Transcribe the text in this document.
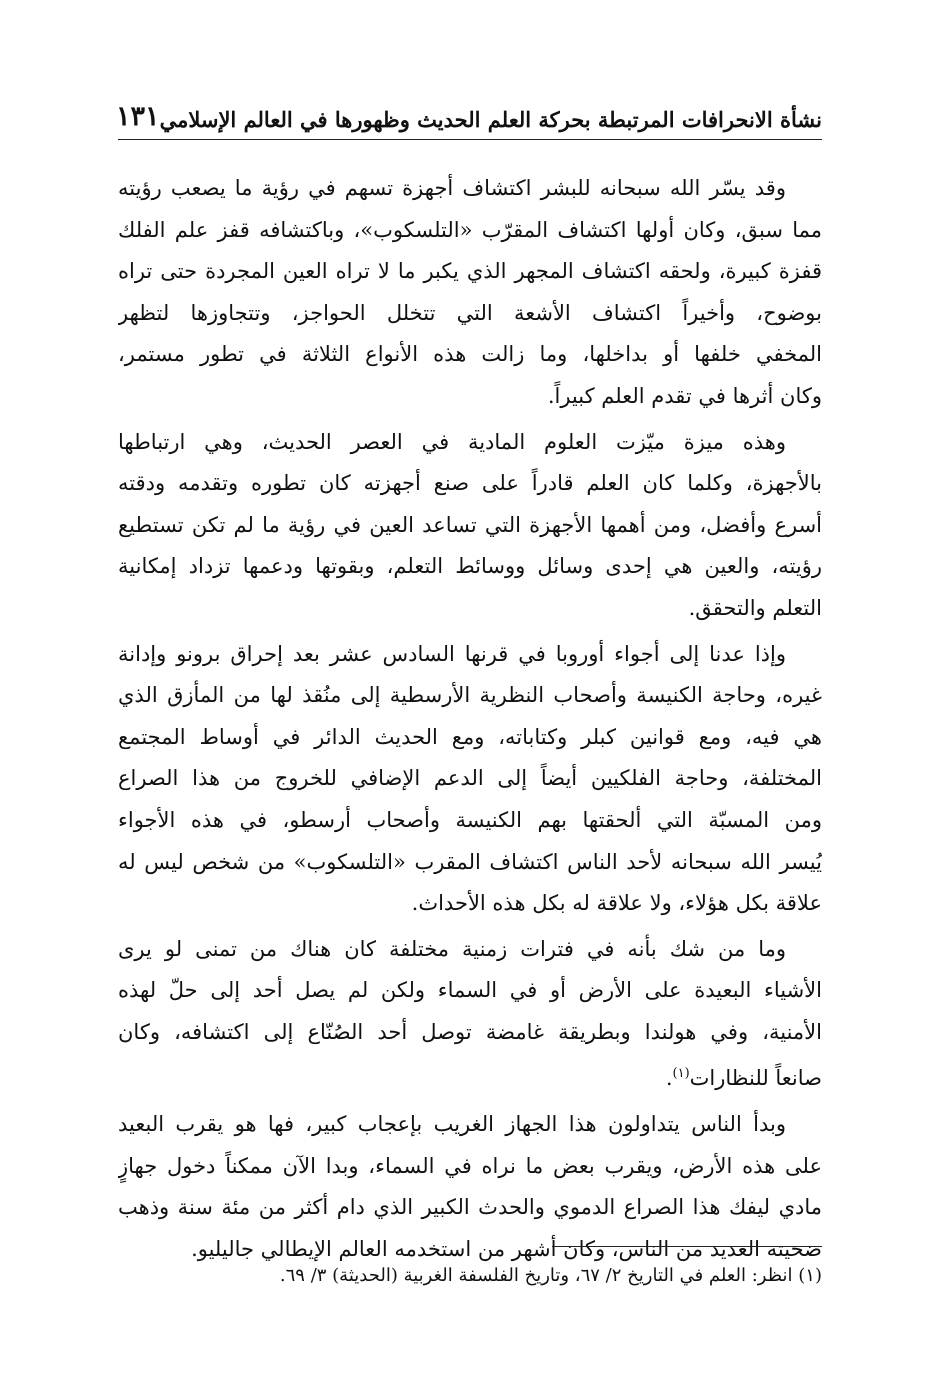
نشأة الانحرافات المرتبطة بحركة العلم الحديث وظهورها في العالم الإسلامي
١٣١

وقد يسّر الله سبحانه للبشر اكتشاف أجهزة تسهم في رؤية ما يصعب رؤيته
مما سبق، وكان أولها اكتشاف المقرّب «التلسكوب»، وباكتشافه قفز علم الفلك
قفزة كبيرة، ولحقه اكتشاف المجهر الذي يكبر ما لا تراه العين المجردة حتى تراه
بوضوح، وأخيراً اكتشاف الأشعة التي تتخلل الحواجز، وتتجاوزها لتظهر
المخفي خلفها أو بداخلها، وما زالت هذه الأنواع الثلاثة في تطور مستمر،
وكان أثرها في تقدم العلم كبيراً.

وهذه ميزة ميّزت العلوم المادية في العصر الحديث، وهي ارتباطها
بالأجهزة، وكلما كان العلم قادراً على صنع أجهزته كان تطوره وتقدمه ودقته
أسرع وأفضل، ومن أهمها الأجهزة التي تساعد العين في رؤية ما لم تكن تستطيع
رؤيته، والعين هي إحدى وسائل ووسائط التعلم، وبقوتها ودعمها تزداد إمكانية
التعلم والتحقق.

وإذا عدنا إلى أجواء أوروبا في قرنها السادس عشر بعد إحراق برونو وإدانة
غيره، وحاجة الكنيسة وأصحاب النظرية الأرسطية إلى منُقذ لها من المأزق الذي
هي فيه، ومع قوانين كبلر وكتاباته، ومع الحديث الدائر في أوساط المجتمع
المختلفة، وحاجة الفلكيين أيضاً إلى الدعم الإضافي للخروج من هذا الصراع
ومن المسبّة التي ألحقتها بهم الكنيسة وأصحاب أرسطو، في هذه الأجواء
يُيسر الله سبحانه لأحد الناس اكتشاف المقرب «التلسكوب» من شخص ليس له
علاقة بكل هؤلاء، ولا علاقة له بكل هذه الأحداث.

وما من شك بأنه في فترات زمنية مختلفة كان هناك من تمنى لو يرى
الأشياء البعيدة على الأرض أو في السماء ولكن لم يصل أحد إلى حلّ لهذه
الأمنية، وفي هولندا وبطريقة غامضة توصل أحد الصُنّاع إلى اكتشافه، وكان
صانعاً للنظارات$^{(١)}$.

وبدأ الناس يتداولون هذا الجهاز الغريب بإعجاب كبير، فها هو يقرب البعيد
على هذه الأرض، ويقرب بعض ما نراه في السماء، وبدا الآن ممكناً دخول جهازٍ
مادي ليفك هذا الصراع الدموي والحدث الكبير الذي دام أكثر من مئة سنة وذهب
ضحيته العديد من الناس، وكان أشهر من استخدمه العالم الإيطالي جاليليو.

(١) انظر: العلم في التاريخ ٢/ ٦٧، وتاريخ الفلسفة الغربية (الحديثة) ٣/ ٦٩.
